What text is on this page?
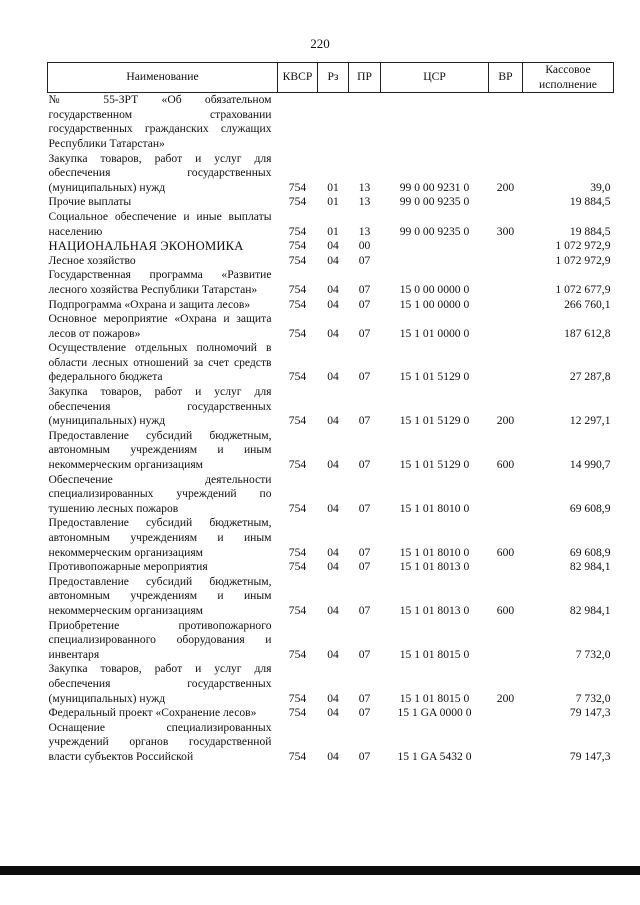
220
Наименование	КВСР	Рз	ПР	ЦСР	ВР	Кассовое исполнение
№ 55-ЗРТ «Об обязательном государственном страховании государственных гражданских служащих Республики Татарстан»						
Закупка товаров, работ и услуг для обеспечения государственных (муниципальных) нужд	754	01	13	99 0 00 9231 0	200	39,0
Прочие выплаты	754	01	13	99 0 00 9235 0		19 884,5
Социальное обеспечение и иные выплаты населению	754	01	13	99 0 00 9235 0	300	19 884,5
НАЦИОНАЛЬНАЯ ЭКОНОМИКА	754	04	00			1 072 972,9
Лесное хозяйство	754	04	07			1 072 972,9
Государственная программа «Развитие лесного хозяйства Республики Татарстан»	754	04	07	15 0 00 0000 0		1 072 677,9
Подпрограмма «Охрана и защита лесов»	754	04	07	15 1 00 0000 0		266 760,1
Основное мероприятие «Охрана и защита лесов от пожаров»	754	04	07	15 1 01 0000 0		187 612,8
Осуществление отдельных полномочий в области лесных отношений за счет средств федерального бюджета	754	04	07	15 1 01 5129 0		27 287,8
Закупка товаров, работ и услуг для обеспечения государственных (муниципальных) нужд	754	04	07	15 1 01 5129 0	200	12 297,1
Предоставление субсидий бюджетным, автономным учреждениям и иным некоммерческим организациям	754	04	07	15 1 01 5129 0	600	14 990,7
Обеспечение деятельности специализированных учреждений по тушению лесных пожаров	754	04	07	15 1 01 8010 0		69 608,9
Предоставление субсидий бюджетным, автономным учреждениям и иным некоммерческим организациям	754	04	07	15 1 01 8010 0	600	69 608,9
Противопожарные мероприятия	754	04	07	15 1 01 8013 0		82 984,1
Предоставление субсидий бюджетным, автономным учреждениям и иным некоммерческим организациям	754	04	07	15 1 01 8013 0	600	82 984,1
Приобретение противопожарного специализированного оборудования и инвентаря	754	04	07	15 1 01 8015 0		7 732,0
Закупка товаров, работ и услуг для обеспечения государственных (муниципальных) нужд	754	04	07	15 1 01 8015 0	200	7 732,0
Федеральный проект «Сохранение лесов»	754	04	07	15 1 GA 0000 0		79 147,3
Оснащение специализированных учреждений органов государственной власти субъектов Российской	754	04	07	15 1 GA 5432 0		79 147,3
